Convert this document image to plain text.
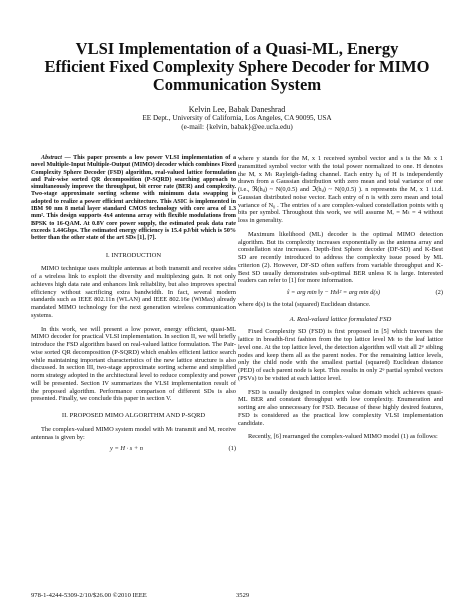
VLSI Implementation of a Quasi-ML, Energy
Efficient Fixed Complexity Sphere Decoder for MIMO
Communication System
Kelvin Lee, Babak Daneshrad
EE Dept., University of California, Los Angeles, CA 90095, USA
(e-mail: {kelvin, babak}@ee.ucla.edu)

Abstract — This paper presents a low power VLSI implementation of a novel Multiple-Input Multiple-Output (MIMO) decoder which combines Fixed Complexity Sphere Decoder (FSD) algorithm, real-valued lattice formulation and Pair-wise sorted QR decomposition (P-SQRD) searching approach to simultaneously improve the throughput, bit error rate (BER) and complexity. Two-stage approximate sorting scheme with minimum data swapping is adopted to realize a power efficient architecture. This ASIC is implemented in IBM 90 nm 8 metal layer standard CMOS technology with core area of 1.3 mm². This design supports 4x4 antenna array with flexible modulations from BPSK to 16-QAM. At 0.8V core power supply, the estimated peak data rate exceeds 1.44Gbps. The estimated energy efficiency is 15.4 pJ/bit which is 50% better than the other state of the art SDs [1], [7].

I. INTRODUCTION

MIMO technique uses multiple antennas at both transmit and receive sides of a wireless link to exploit the diversity and multiplexing gain. It not only achieves high data rate and enhances link reliability, but also improves spectral efficiency without sacrificing extra bandwidth. In fact, several modern standards such as IEEE 802.11n (WLAN) and IEEE 802.16e (WiMax) already mandated MIMO technology for the next generation wireless communication systems.

In this work, we will present a low power, energy efficient, quasi-ML MIMO decoder for practical VLSI implementation. In section II, we will briefly introduce the FSD algorithm based on real-valued lattice formulation. The Pair-wise sorted QR decomposition (P-SQRD) which enables efficient lattice search while maintaining important characteristics of the new lattice structure is also discussed. In section III, two-stage approximate sorting scheme and simplified norm strategy adopted in the architectural level to reduce complexity and power will be presented. Section IV summarizes the VLSI implementation result of the proposed algorithm. Performance comparison of different SDs is also presented. Finally, we conclude this paper in section V.

II. PROPOSED MIMO ALGORITHM AND P-SQRD

The complex-valued MIMO system model with Mₜ transmit and Mᵣ receive antennas is given by:

y = H · s + n	(1)

where y stands for the Mᵣ x 1 received symbol vector and s is the Mₜ x 1 transmitted symbol vector with the total power normalized to one. H denotes the Mᵣ x Mₜ Rayleigh-fading channel. Each entry hᵢⱼ of H is independently drawn from a Gaussian distribution with zero mean and total variance of one (i.e., ℜ(hᵢⱼ) ~ N(0,0.5) and ℑ(hᵢⱼ) ~ N(0,0.5) ). n represents the Mᵣ x 1 i.i.d. Gaussian distributed noise vector. Each entry of n is with zero mean and total variance of N₀ . The entries of s are complex-valued constellation points with q bits per symbol. Throughout this work, we will assume Mᵣ = Mₜ = 4 without loss in generality.

Maximum likelihood (ML) decoder is the optimal MIMO detection algorithm. But its complexity increases exponentially as the antenna array and constellation size increases. Depth-first Sphere decoder (DF-SD) and K-Best SD are recently introduced to address the complexity issue posed by ML criterion (2). However, DF-SD often suffers from variable throughput and K-Best SD usually demonstrates sub-optimal BER unless K is large. Interested readers can refer to [1] for more information.

ŝ = arg min ‖y − Hs‖² = arg min d(s)	(2)

where d(s) is the total (squared) Euclidean distance.

A. Real-valued lattice formulated FSD

Fixed Complexity SD (FSD) is first proposed in [5] which traverses the lattice in breadth-first fashion from the top lattice level Mₜ to the leaf lattice level one. At the top lattice level, the detection algorithm will visit all 2ᵠ sibling nodes and keep them all as the parent nodes. For the remaining lattice levels, only the child node with the smallest partial (squared) Euclidean distance (PED) of each parent node is kept. This results in only 2ᵠ partial symbol vectors (PSVs) to be visited at each lattice level.

FSD is usually designed in complex value domain which achieves quasi-ML BER and constant throughput with low complexity. Enumeration and sorting are also unnecessary for FSD. Because of these highly desired features, FSD is considered as the practical low complexity VLSI implementation candidate.

Recently, [6] rearranged the complex-valued MIMO model (1) as follows:

978-1-4244-5309-2/10/$26.00 ©2010 IEEE	3529
